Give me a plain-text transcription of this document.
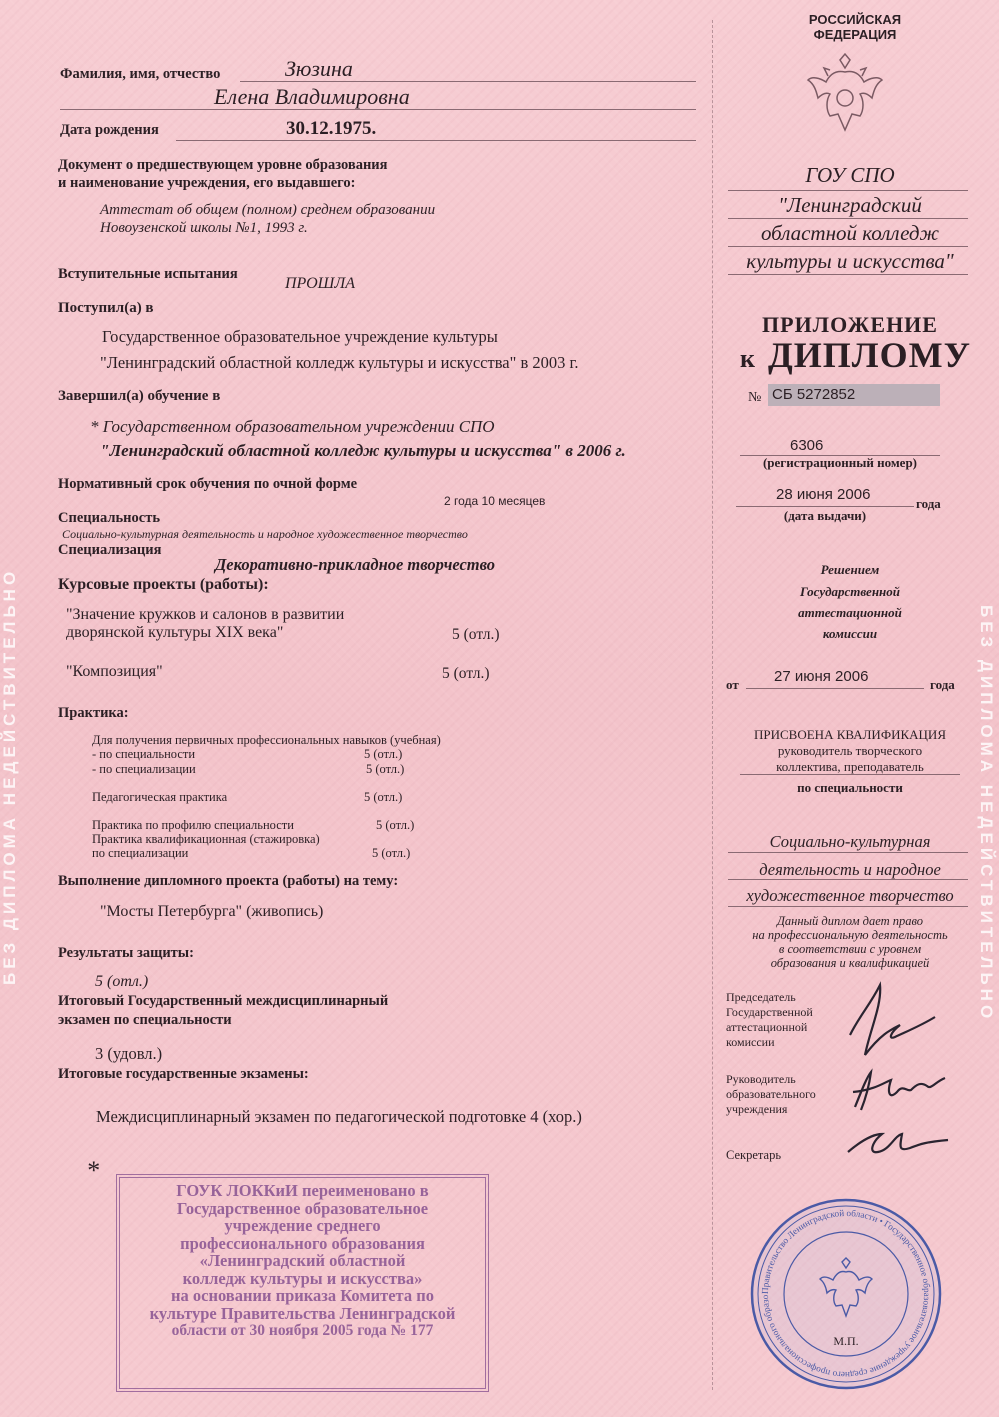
БЕЗ ДИПЛОМА НЕДЕЙСТВИТЕЛЬНО	БЕЗ ДИПЛОМА НЕДЕЙСТВИТЕЛЬНО
Фамилия, имя, отчество	Зюзина
Елена Владимировна
Дата рождения	30.12.1975.
Документ о предшествующем уровне образования
и наименование учреждения, его выдавшего:
Аттестат об общем (полном) среднем образовании
Новоузенской школы №1, 1993 г.
Вступительные испытания
ПРОШЛА
Поступил(а) в
Государственное образовательное учреждение культуры
"Ленинградский областной колледж культуры и искусства" в 2003 г.
Завершил(а) обучение в
* Государственном образовательном учреждении СПО
"Ленинградский областной колледж культуры и искусства" в 2006 г.
Нормативный срок обучения по очной форме
2 года 10 месяцев
Специальность
Социально-культурная деятельность и народное художественное творчество
Специализация
Декоративно-прикладное творчество
Курсовые проекты (работы):
"Значение кружков и салонов в развитии
дворянской культуры XIX века"	5 (отл.)
"Композиция"	5 (отл.)
Практика:
Для получения первичных профессиональных навыков (учебная)
- по специальности	5 (отл.)
- по специализации	5 (отл.)
Педагогическая практика	5 (отл.)
Практика по профилю специальности	5 (отл.)
Практика квалификационная (стажировка)
по специализации	5 (отл.)
Выполнение дипломного проекта (работы) на тему:
"Мосты Петербурга" (живопись)
Результаты защиты:
5 (отл.)
Итоговый Государственный междисциплинарный
экзамен по специальности
3 (удовл.)
Итоговые государственные экзамены:
Междисциплинарный экзамен по педагогической подготовке 4 (хор.)
*
ГОУК ЛОККиИ переименовано в
Государственное образовательное
учреждение среднего
профессионального образования
«Ленинградский областной
колледж культуры и искусства»
на основании приказа Комитета по
культуре Правительства Ленинградской
области от 30 ноября 2005 года № 177
РОССИЙСКАЯ
ФЕДЕРАЦИЯ
ГОУ СПО
"Ленинградский
областной колледж
культуры и искусства"
ПРИЛОЖЕНИЕ
к ДИПЛОМУ
№ СБ 5272852
6306
(регистрационный номер)
28 июня 2006
года
(дата выдачи)
Решением
Государственной
аттестационной
комиссии
от 27 июня 2006	года
ПРИСВОЕНА КВАЛИФИКАЦИЯ
руководитель творческого
коллектива, преподаватель
по специальности
Социально-культурная
деятельность и народное
художественное творчество
Данный диплом дает право
на профессиональную деятельность
в соответствии с уровнем
образования и квалификацией
Председатель
Государственной
аттестационной
комиссии
Руководитель
образовательного
учреждения
Секретарь
Правительство Ленинградской области • Государственное образовательное учреждение среднего профессионального образо
М.П.
